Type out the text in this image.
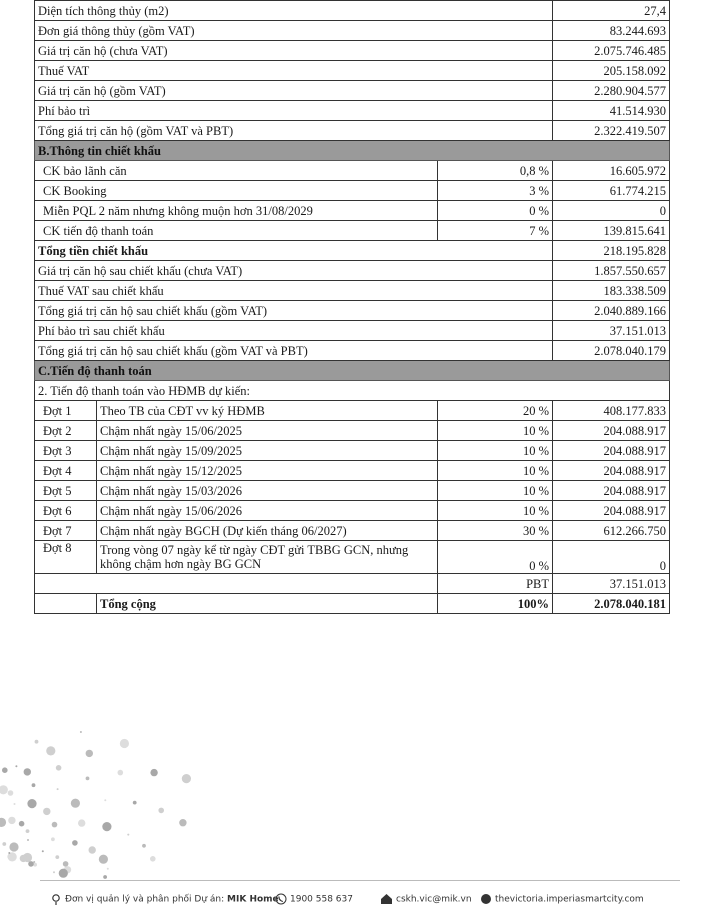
Diện tích thông thủy (m2)			27,4
Đơn giá thông thủy (gồm VAT)			83.244.693
Giá trị căn hộ (chưa VAT)			2.075.746.485
Thuế VAT			205.158.092
Giá trị căn hộ (gồm VAT)			2.280.904.577
Phí bảo trì			41.514.930
Tổng giá trị căn hộ (gồm VAT và PBT)			2.322.419.507
B.Thông tin chiết khấu			
CK bảo lãnh căn		0,8 %	16.605.972
CK Booking		3 %	61.774.215
Miễn PQL 2 năm nhưng không muộn hơn 31/08/2029		0 %	0
CK tiến độ thanh toán		7 %	139.815.641
Tổng tiền chiết khấu			218.195.828
Giá trị căn hộ sau chiết khấu (chưa VAT)			1.857.550.657
Thuế VAT sau chiết khấu			183.338.509
Tổng giá trị căn hộ sau chiết khấu (gồm VAT)			2.040.889.166
Phí bảo trì sau chiết khấu			37.151.013
Tổng giá trị căn hộ sau chiết khấu (gồm VAT và PBT)			2.078.040.179
C.Tiến độ thanh toán			
2. Tiến độ thanh toán vào HĐMB dự kiến:			
Đợt 1	Theo TB của CĐT vv ký HĐMB	20 %	408.177.833
Đợt 2	Chậm nhất ngày 15/06/2025	10 %	204.088.917
Đợt 3	Chậm nhất ngày 15/09/2025	10 %	204.088.917
Đợt 4	Chậm nhất ngày 15/12/2025	10 %	204.088.917
Đợt 5	Chậm nhất ngày 15/03/2026	10 %	204.088.917
Đợt 6	Chậm nhất ngày 15/06/2026	10 %	204.088.917
Đợt 7	Chậm nhất ngày BGCH (Dự kiến tháng 06/2027)	30 %	612.266.750
Đợt 8	Trong vòng 07 ngày kể từ ngày CĐT gửi TBBG GCN, nhưng không chậm hơn ngày BG GCN	0 %	0
		PBT	37.151.013
	Tổng cộng	100%	2.078.040.181
Đơn vị quản lý và phân phối Dự án: MIK Home	1900 558 637	cskh.vic@mik.vn	thevictoria.imperiasmartcity.com
